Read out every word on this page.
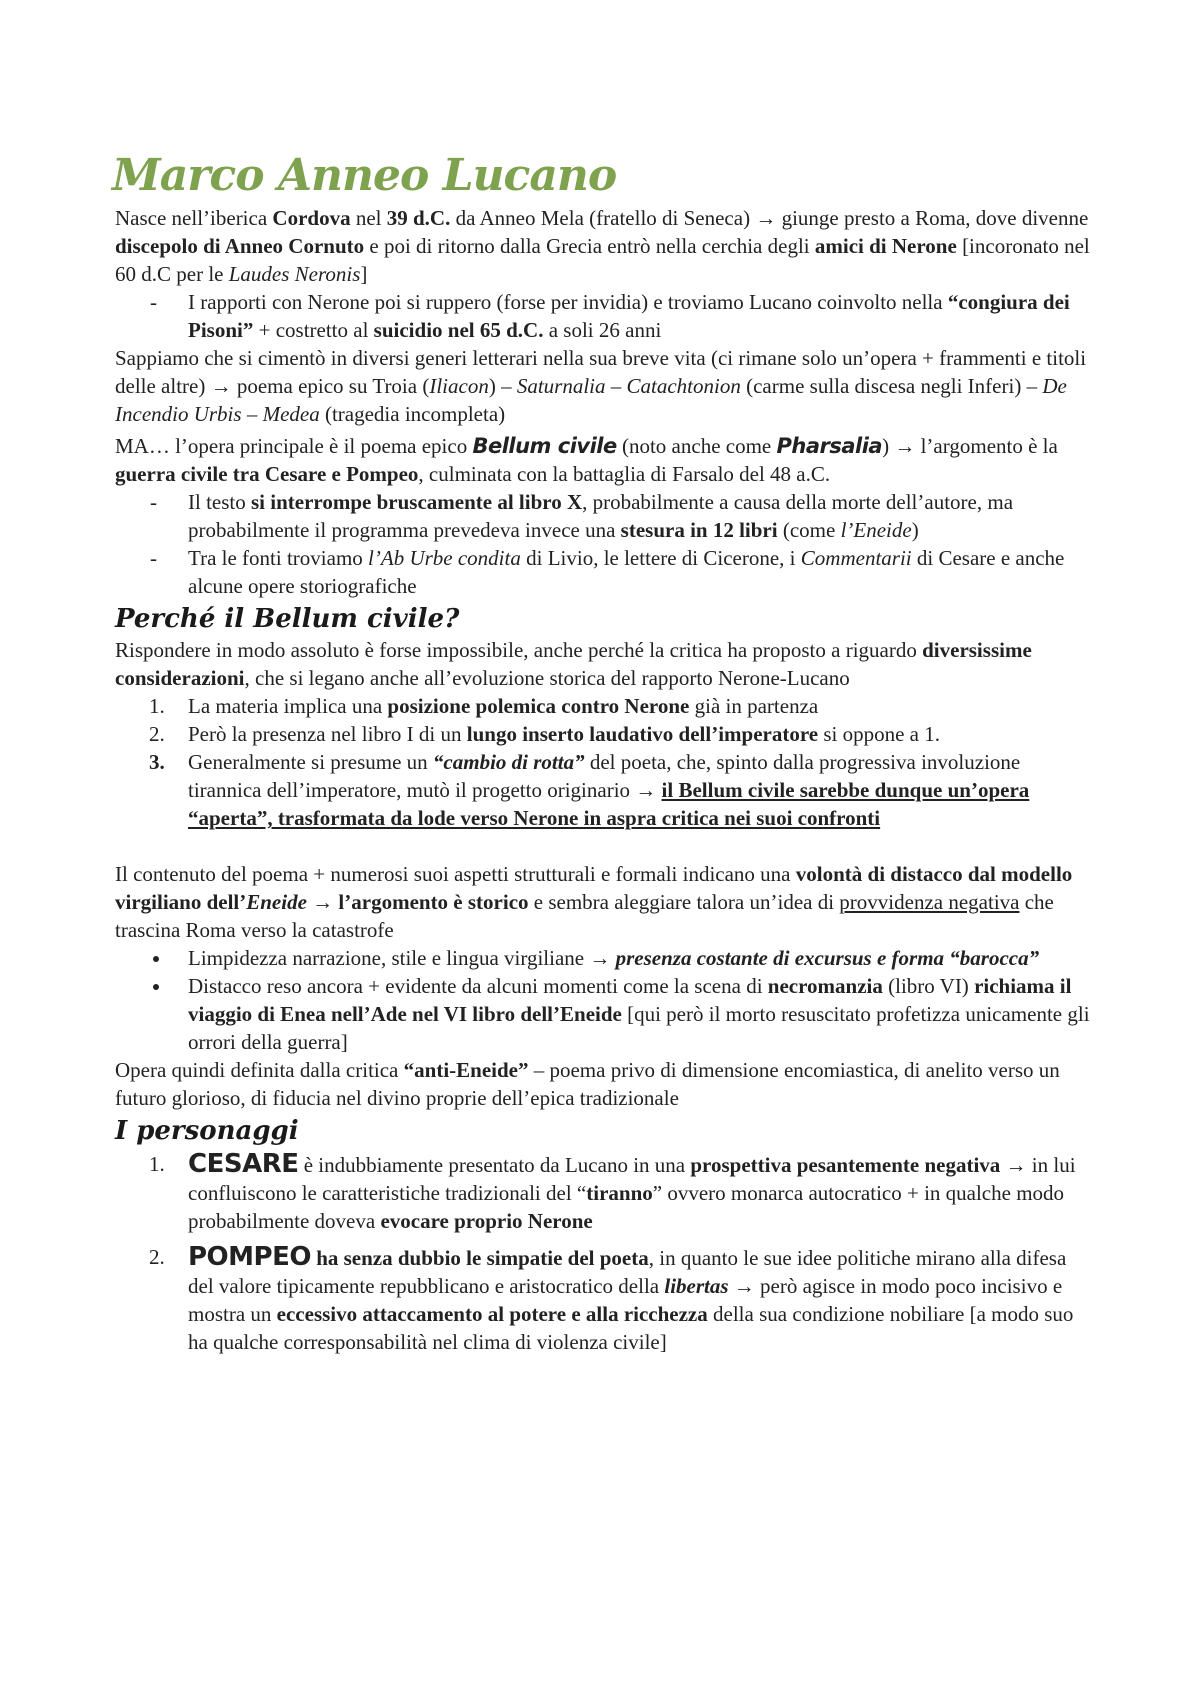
Marco Anneo Lucano

Nasce nell’iberica Cordova nel 39 d.C. da Anneo Mela (fratello di Seneca) → giunge presto a Roma, dove divenne discepolo di Anneo Cornuto e poi di ritorno dalla Grecia entrò nella cerchia degli amici di Nerone [incoronato nel 60 d.C per le Laudes Neronis]

-	I rapporti con Nerone poi si ruppero (forse per invidia) e troviamo Lucano coinvolto nella “congiura dei Pisoni” + costretto al suicidio nel 65 d.C. a soli 26 anni

Sappiamo che si cimentò in diversi generi letterari nella sua breve vita (ci rimane solo un’opera + frammenti e titoli delle altre) → poema epico su Troia (Iliacon) – Saturnalia – Catachtonion (carme sulla discesa negli Inferi) – De Incendio Urbis – Medea (tragedia incompleta)

MA… l’opera principale è il poema epico Bellum civile (noto anche come Pharsalia) → l’argomento è la guerra civile tra Cesare e Pompeo, culminata con la battaglia di Farsalo del 48 a.C.

-	Il testo si interrompe bruscamente al libro X, probabilmente a causa della morte dell’autore, ma probabilmente il programma prevedeva invece una stesura in 12 libri (come l’Eneide)
-	Tra le fonti troviamo l’Ab Urbe condita di Livio, le lettere di Cicerone, i Commentarii di Cesare e anche alcune opere storiografiche
Perché il Bellum civile?

Rispondere in modo assoluto è forse impossibile, anche perché la critica ha proposto a riguardo diversissime considerazioni, che si legano anche all’evoluzione storica del rapporto Nerone-Lucano

1. La materia implica una posizione polemica contro Nerone già in partenza
2. Però la presenza nel libro I di un lungo inserto laudativo dell’imperatore si oppone a 1.
3. Generalmente si presume un “cambio di rotta” del poeta, che, spinto dalla progressiva involuzione tirannica dell’imperatore, mutò il progetto originario → il Bellum civile sarebbe dunque un’opera “aperta”, trasformata da lode verso Nerone in aspra critica nei suoi confronti

Il contenuto del poema + numerosi suoi aspetti strutturali e formali indicano una volontà di distacco dal modello virgiliano dell’Eneide → l’argomento è storico e sembra aleggiare talora un’idea di provvidenza negativa che trascina Roma verso la catastrofe

Limpidezza narrazione, stile e lingua virgiliane → presenza costante di excursus e forma “barocca”
Distacco reso ancora + evidente da alcuni momenti come la scena di necromanzia (libro VI) richiama il viaggio di Enea nell’Ade nel VI libro dell’Eneide [qui però il morto resuscitato profetizza unicamente gli orrori della guerra]

Opera quindi definita dalla critica “anti-Eneide” – poema privo di dimensione encomiastica, di anelito verso un futuro glorioso, di fiducia nel divino proprie dell’epica tradizionale

I personaggi
1. CESARE è indubbiamente presentato da Lucano in una prospettiva pesantemente negativa → in lui confluiscono le caratteristiche tradizionali del “tiranno” ovvero monarca autocratico + in qualche modo probabilmente doveva evocare proprio Nerone
2. POMPEO ha senza dubbio le simpatie del poeta, in quanto le sue idee politiche mirano alla difesa del valore tipicamente repubblicano e aristocratico della libertas → però agisce in modo poco incisivo e mostra un eccessivo attaccamento al potere e alla ricchezza della sua condizione nobiliare [a modo suo ha qualche corresponsabilità nel clima di violenza civile]
